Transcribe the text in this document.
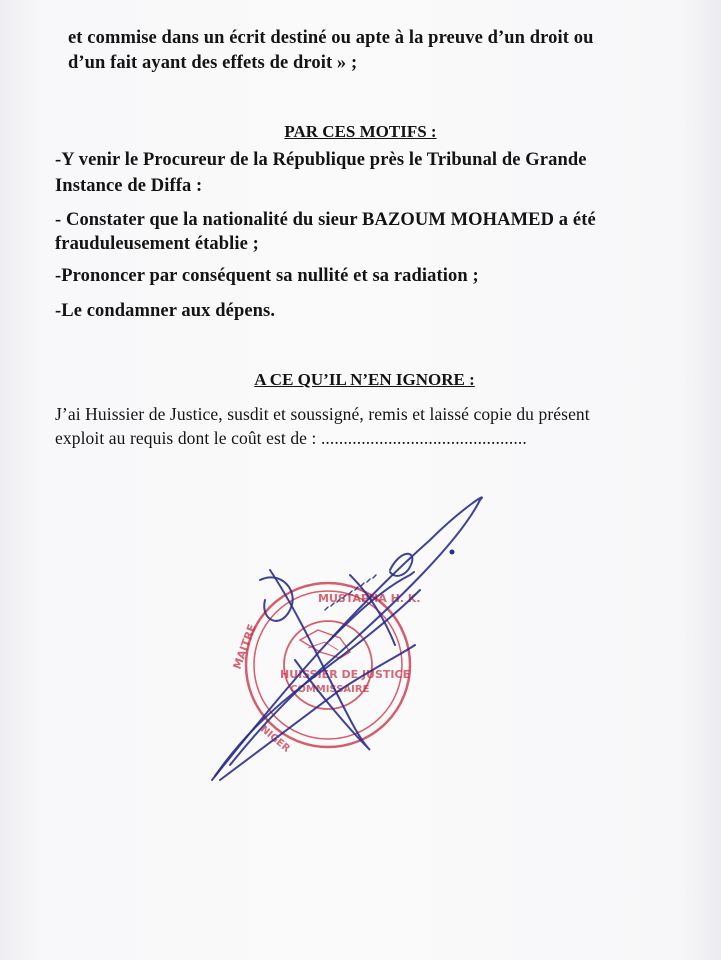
et commise dans un écrit destiné ou apte à la preuve d’un droit ou
d’un fait ayant des effets de droit » ;
PAR CES MOTIFS :
-Y venir le Procureur de la République près le Tribunal de Grande
Instance de Diffa :
- Constater que la nationalité du sieur BAZOUM MOHAMED a été
frauduleusement établie ;
-Prononcer par conséquent sa nullité et sa radiation ;
-Le condamner aux dépens.
A CE QU’IL N’EN IGNORE :
J’ai Huissier de Justice, susdit et soussigné, remis et laissé copie du présent
exploit au requis dont le coût est de : ..............................................
MUSTAPHA H. K.
MAITRE
HUISSIER DE JUSTICE
COMMISSAIRE
NIGER
